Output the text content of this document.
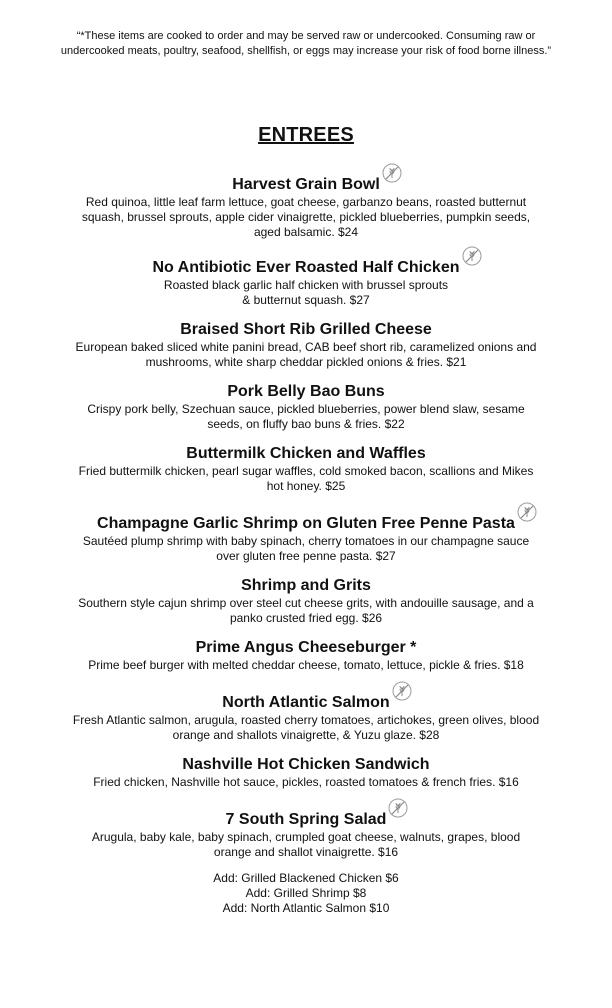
“*These items are cooked to order and may be served raw or undercooked. Consuming raw or undercooked meats, poultry, seafood, shellfish, or eggs may increase your risk of food borne illness.”
ENTREES
Harvest Grain Bowl
Red quinoa, little leaf farm lettuce, goat cheese, garbanzo beans, roasted butternut squash, brussel sprouts, apple cider vinaigrette, pickled blueberries, pumpkin seeds, aged balsamic. $24
No Antibiotic Ever Roasted Half Chicken
Roasted black garlic half chicken with brussel sprouts
& butternut squash. $27
Braised Short Rib Grilled Cheese
European baked sliced white panini bread, CAB beef short rib, caramelized onions and mushrooms, white sharp cheddar pickled onions & fries. $21
Pork Belly Bao Buns
Crispy pork belly, Szechuan sauce, pickled blueberries, power blend slaw, sesame seeds, on fluffy bao buns & fries. $22
Buttermilk Chicken and Waffles
Fried buttermilk chicken, pearl sugar waffles, cold smoked bacon, scallions and Mikes hot honey. $25
Champagne Garlic Shrimp on Gluten Free Penne Pasta
Sautéed plump shrimp with baby spinach, cherry tomatoes in our champagne sauce over gluten free penne pasta. $27
Shrimp and Grits
Southern style cajun shrimp over steel cut cheese grits, with andouille sausage, and a panko crusted fried egg. $26
Prime Angus Cheeseburger *
Prime beef burger with melted cheddar cheese, tomato, lettuce, pickle & fries. $18
North Atlantic Salmon
Fresh Atlantic salmon, arugula, roasted cherry tomatoes, artichokes, green olives, blood orange and shallots vinaigrette, & Yuzu glaze. $28
Nashville Hot Chicken Sandwich
Fried chicken, Nashville hot sauce, pickles, roasted tomatoes & french fries. $16
7 South Spring Salad
Arugula, baby kale, baby spinach, crumpled goat cheese, walnuts, grapes, blood orange and shallot vinaigrette. $16
Add: Grilled Blackened Chicken $6
Add: Grilled Shrimp $8
Add: North Atlantic Salmon $10
